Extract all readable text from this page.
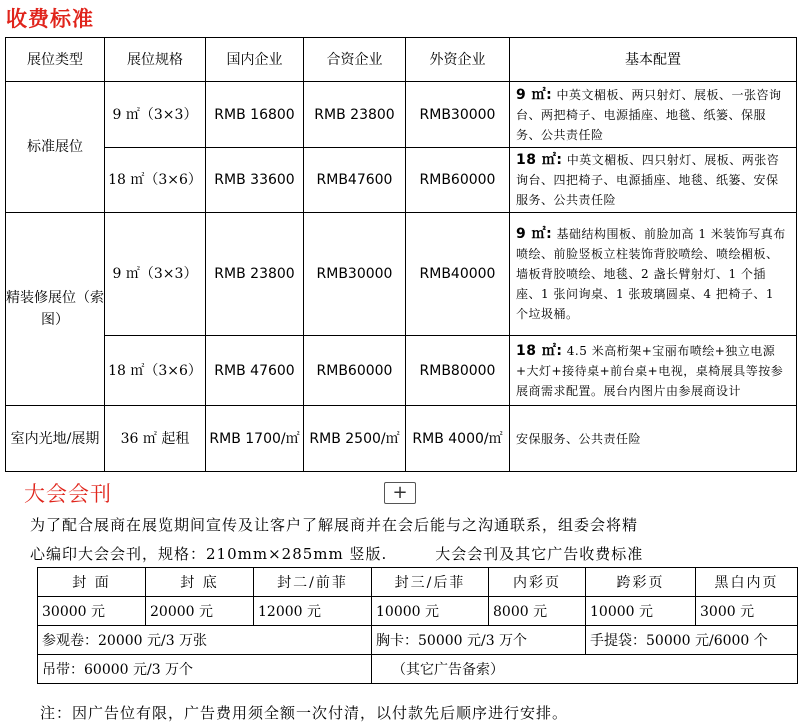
收费标准
展位类型	展位规格	国内企业	合资企业	外资企业	基本配置
标准展位	9 ㎡（3×3）	RMB 16800	RMB 23800	RMB30000	9 ㎡: 中英文楣板、两只射灯、展板、一张咨询台、两把椅子、电源插座、地毯、纸篓、保服务、公共责任险

	18 ㎡（3×6）	RMB 33600	RMB47600	RMB60000	18 ㎡: 中英文楣板、四只射灯、展板、两张咨询台、四把椅子、电源插座、地毯、纸篓、安保服务、公共责任险

精装修展位（索图）	9 ㎡（3×3）	RMB 23800	RMB30000	RMB40000	9 ㎡: 基础结构围板、前脸加高 1 米装饰写真布喷绘、前脸竖板立柱装饰背胶喷绘、喷绘楣板、墙板背胶喷绘、地毯、2 盏长臂射灯、1 个插座、1 张问询桌、1 张玻璃圆桌、4 把椅子、1 个垃圾桶。

	18 ㎡（3×6）	RMB 47600	RMB60000	RMB80000	18 ㎡: 4.5 米高桁架+宝丽布喷绘+独立电源+大灯+接待桌+前台桌+电视，桌椅展具等按参展商需求配置。展台内图片由参展商设计

室内光地/展期	36 ㎡ 起租	RMB 1700/㎡	RMB 2500/㎡	RMB 4000/㎡	安保服务、公共责任险
大会会刊	+

为了配合展商在展览期间宣传及让客户了解展商并在会后能与之沟通联系，组委会将精

心编印大会会刊，规格：210mm×285mm 竖版.	大会会刊及其它广告收费标准

封 面	封 底	封二/前菲	封三/后菲	内彩页	跨彩页	黑白内页
30000 元	20000 元	12000 元	10000 元	8000 元	10000 元	3000 元
参观卷：20000 元/3 万张			胸卡：50000 元/3 万个		手提袋：50000 元/6000 个	
吊带：60000 元/3 万个			（其它广告备索）			

注：因广告位有限，广告费用须全额一次付清，以付款先后顺序进行安排。
